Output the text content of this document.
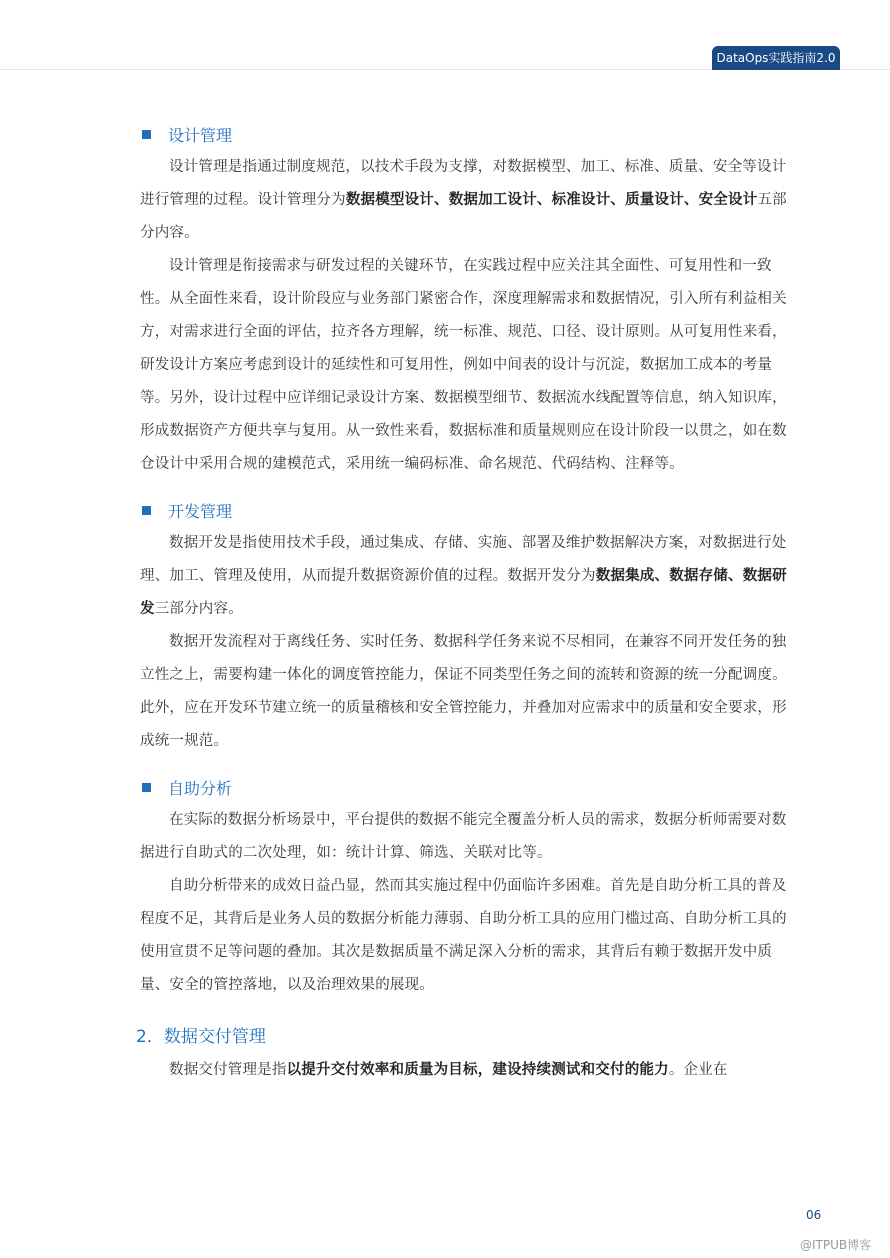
DataOps实践指南2.0
设计管理

设计管理是指通过制度规范，以技术手段为支撑，对数据模型、加工、标准、质量、安全等设计进行管理的过程。设计管理分为数据模型设计、数据加工设计、标准设计、质量设计、安全设计五部分内容。

设计管理是衔接需求与研发过程的关键环节，在实践过程中应关注其全面性、可复用性和一致性。从全面性来看，设计阶段应与业务部门紧密合作，深度理解需求和数据情况，引入所有利益相关方，对需求进行全面的评估，拉齐各方理解，统一标准、规范、口径、设计原则。从可复用性来看，研发设计方案应考虑到设计的延续性和可复用性，例如中间表的设计与沉淀，数据加工成本的考量等。另外，设计过程中应详细记录设计方案、数据模型细节、数据流水线配置等信息，纳入知识库，形成数据资产方便共享与复用。从一致性来看，数据标准和质量规则应在设计阶段一以贯之，如在数仓设计中采用合规的建模范式，采用统一编码标准、命名规范、代码结构、注释等。

开发管理

数据开发是指使用技术手段，通过集成、存储、实施、部署及维护数据解决方案，对数据进行处理、加工、管理及使用，从而提升数据资源价值的过程。数据开发分为数据集成、数据存储、数据研发三部分内容。

数据开发流程对于离线任务、实时任务、数据科学任务来说不尽相同，在兼容不同开发任务的独立性之上，需要构建一体化的调度管控能力，保证不同类型任务之间的流转和资源的统一分配调度。此外，应在开发环节建立统一的质量稽核和安全管控能力，并叠加对应需求中的质量和安全要求，形成统一规范。

自助分析

在实际的数据分析场景中，平台提供的数据不能完全覆盖分析人员的需求，数据分析师需要对数据进行自助式的二次处理，如：统计计算、筛选、关联对比等。

自助分析带来的成效日益凸显，然而其实施过程中仍面临许多困难。首先是自助分析工具的普及程度不足，其背后是业务人员的数据分析能力薄弱、自助分析工具的应用门槛过高、自助分析工具的使用宣贯不足等问题的叠加。其次是数据质量不满足深入分析的需求，其背后有赖于数据开发中质量、安全的管控落地，以及治理效果的展现。

2．数据交付管理

数据交付管理是指以提升交付效率和质量为目标，建设持续测试和交付的能力。企业在

06
@ITPUB博客
